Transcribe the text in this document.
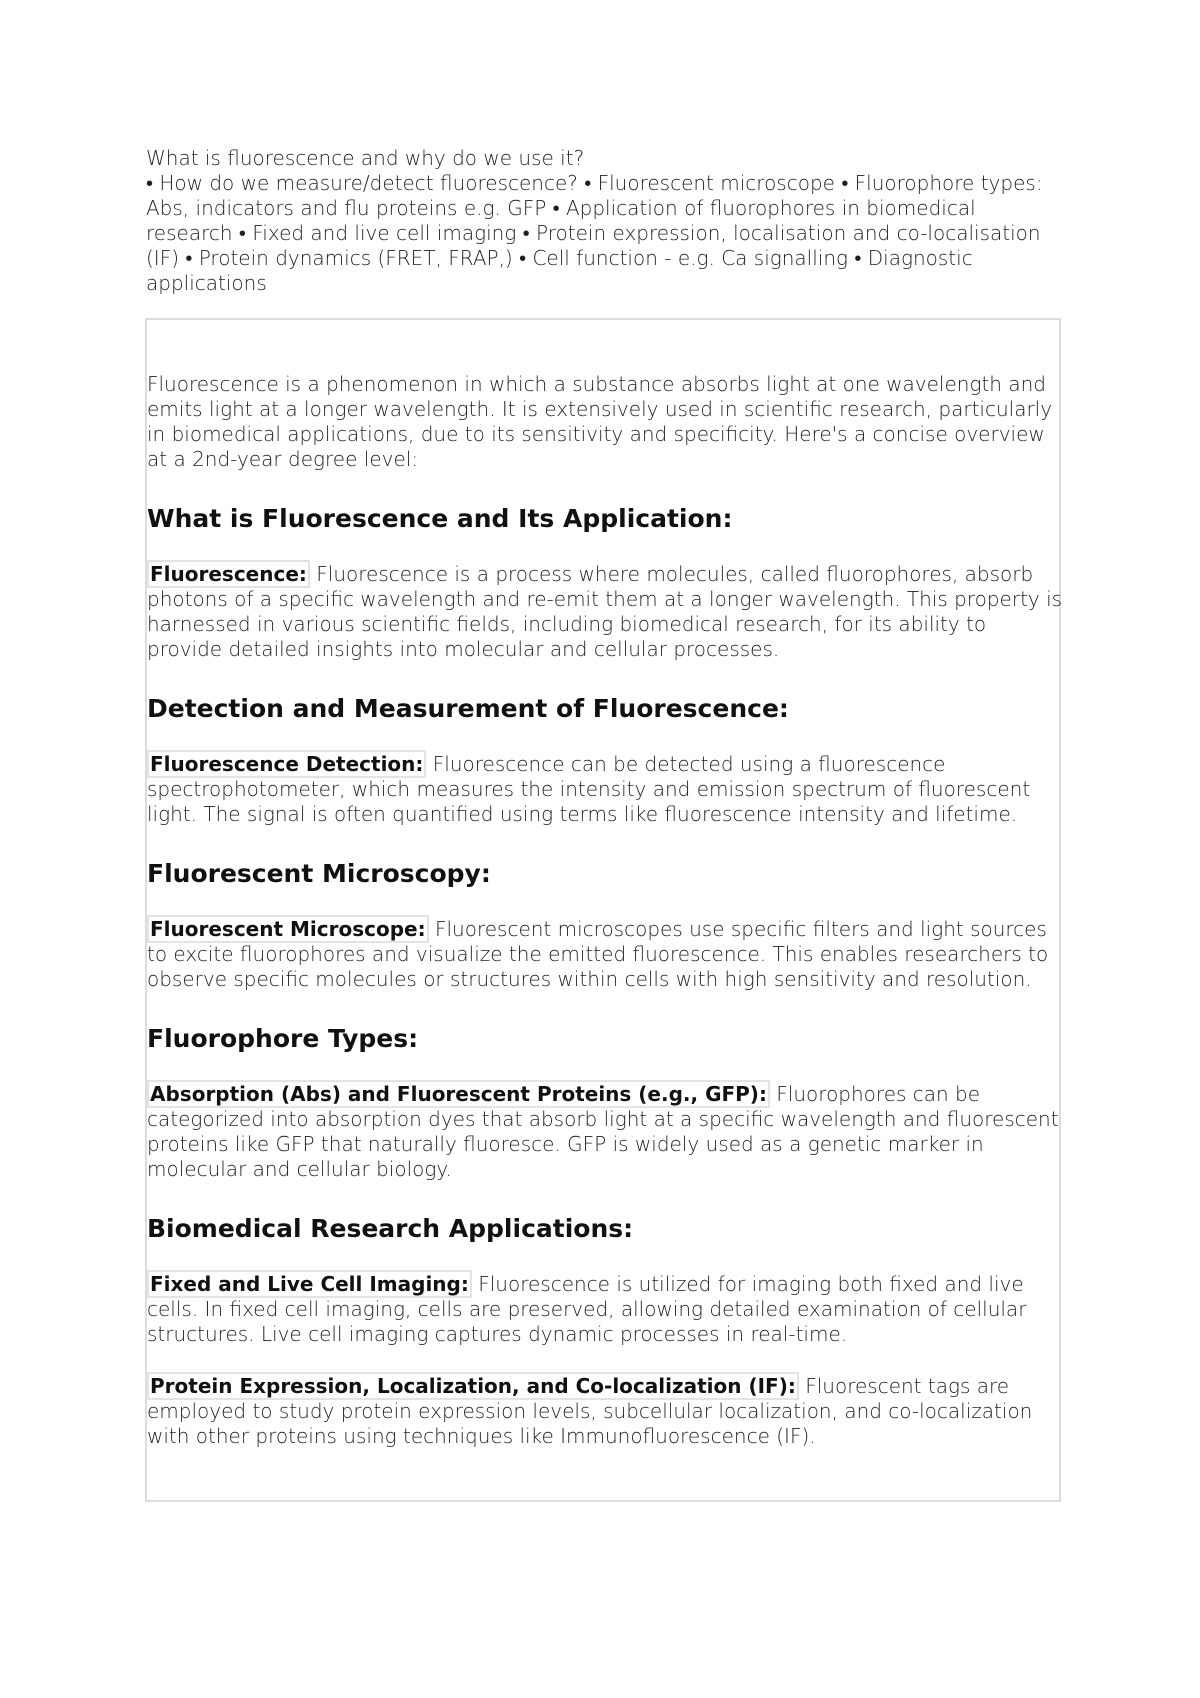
What is fluorescence and why do we use it?

• How do we measure/detect fluorescence? • Fluorescent microscope • Fluorophore types: Abs, indicators and flu proteins e.g. GFP • Application of fluorophores in biomedical research • Fixed and live cell imaging • Protein expression, localisation and co-localisation (IF) • Protein dynamics (FRET, FRAP,) • Cell function - e.g. Ca signalling • Diagnostic applications

Fluorescence is a phenomenon in which a substance absorbs light at one wavelength and emits light at a longer wavelength. It is extensively used in scientific research, particularly in biomedical applications, due to its sensitivity and specificity. Here's a concise overview at a 2nd-year degree level:

What is Fluorescence and Its Application:

Fluorescence: Fluorescence is a process where molecules, called fluorophores, absorb photons of a specific wavelength and re-emit them at a longer wavelength. This property is harnessed in various scientific fields, including biomedical research, for its ability to provide detailed insights into molecular and cellular processes.

Detection and Measurement of Fluorescence:

Fluorescence Detection: Fluorescence can be detected using a fluorescence spectrophotometer, which measures the intensity and emission spectrum of fluorescent light. The signal is often quantified using terms like fluorescence intensity and lifetime.

Fluorescent Microscopy:

Fluorescent Microscope: Fluorescent microscopes use specific filters and light sources to excite fluorophores and visualize the emitted fluorescence. This enables researchers to observe specific molecules or structures within cells with high sensitivity and resolution.

Fluorophore Types:

Absorption (Abs) and Fluorescent Proteins (e.g., GFP): Fluorophores can be categorized into absorption dyes that absorb light at a specific wavelength and fluorescent proteins like GFP that naturally fluoresce. GFP is widely used as a genetic marker in molecular and cellular biology.

Biomedical Research Applications:

Fixed and Live Cell Imaging: Fluorescence is utilized for imaging both fixed and live cells. In fixed cell imaging, cells are preserved, allowing detailed examination of cellular structures. Live cell imaging captures dynamic processes in real-time.

Protein Expression, Localization, and Co-localization (IF): Fluorescent tags are employed to study protein expression levels, subcellular localization, and co-localization with other proteins using techniques like Immunofluorescence (IF).
